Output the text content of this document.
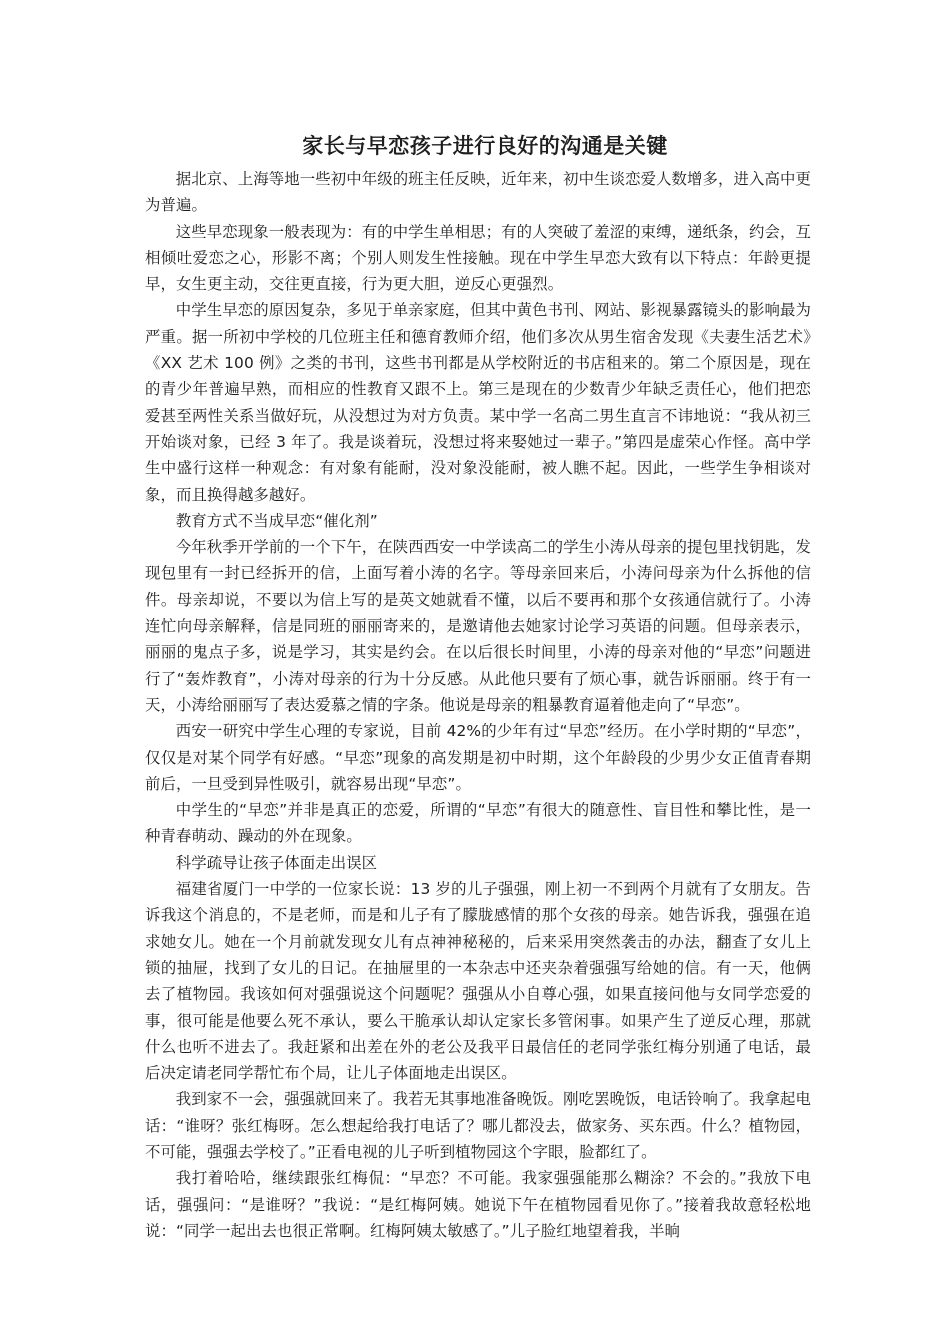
家长与早恋孩子进行良好的沟通是关键

据北京、上海等地一些初中年级的班主任反映，近年来，初中生谈恋爱人数增多，进入高中更为普遍。

这些早恋现象一般表现为：有的中学生单相思；有的人突破了羞涩的束缚，递纸条，约会，互相倾吐爱恋之心，形影不离；个别人则发生性接触。现在中学生早恋大致有以下特点：年龄更提早，女生更主动，交往更直接，行为更大胆，逆反心更强烈。

中学生早恋的原因复杂，多见于单亲家庭，但其中黄色书刊、网站、影视暴露镜头的影响最为严重。据一所初中学校的几位班主任和德育教师介绍，他们多次从男生宿舍发现《夫妻生活艺术》《XX 艺术 100 例》之类的书刊，这些书刊都是从学校附近的书店租来的。第二个原因是，现在的青少年普遍早熟，而相应的性教育又跟不上。第三是现在的少数青少年缺乏责任心，他们把恋爱甚至两性关系当做好玩，从没想过为对方负责。某中学一名高二男生直言不讳地说：“我从初三开始谈对象，已经 3 年了。我是谈着玩，没想过将来娶她过一辈子。”第四是虚荣心作怪。高中学生中盛行这样一种观念：有对象有能耐，没对象没能耐，被人瞧不起。因此，一些学生争相谈对象，而且换得越多越好。

教育方式不当成早恋“催化剂”

今年秋季开学前的一个下午，在陕西西安一中学读高二的学生小涛从母亲的提包里找钥匙，发现包里有一封已经拆开的信，上面写着小涛的名字。等母亲回来后，小涛问母亲为什么拆他的信件。母亲却说，不要以为信上写的是英文她就看不懂，以后不要再和那个女孩通信就行了。小涛连忙向母亲解释，信是同班的丽丽寄来的，是邀请他去她家讨论学习英语的问题。但母亲表示，丽丽的鬼点子多，说是学习，其实是约会。在以后很长时间里，小涛的母亲对他的“早恋”问题进行了“轰炸教育”，小涛对母亲的行为十分反感。从此他只要有了烦心事，就告诉丽丽。终于有一天，小涛给丽丽写了表达爱慕之情的字条。他说是母亲的粗暴教育逼着他走向了“早恋”。

西安一研究中学生心理的专家说，目前 42%的少年有过“早恋”经历。在小学时期的“早恋”，仅仅是对某个同学有好感。“早恋”现象的高发期是初中时期，这个年龄段的少男少女正值青春期前后，一旦受到异性吸引，就容易出现“早恋”。

中学生的“早恋”并非是真正的恋爱，所谓的“早恋”有很大的随意性、盲目性和攀比性，是一种青春萌动、躁动的外在现象。

科学疏导让孩子体面走出误区

福建省厦门一中学的一位家长说：13 岁的儿子强强，刚上初一不到两个月就有了女朋友。告诉我这个消息的，不是老师，而是和儿子有了朦胧感情的那个女孩的母亲。她告诉我，强强在追求她女儿。她在一个月前就发现女儿有点神神秘秘的，后来采用突然袭击的办法，翻查了女儿上锁的抽屉，找到了女儿的日记。在抽屉里的一本杂志中还夹杂着强强写给她的信。有一天，他俩去了植物园。我该如何对强强说这个问题呢？强强从小自尊心强，如果直接问他与女同学恋爱的事，很可能是他要么死不承认，要么干脆承认却认定家长多管闲事。如果产生了逆反心理，那就什么也听不进去了。我赶紧和出差在外的老公及我平日最信任的老同学张红梅分别通了电话，最后决定请老同学帮忙布个局，让儿子体面地走出误区。

我到家不一会，强强就回来了。我若无其事地准备晚饭。刚吃罢晚饭，电话铃响了。我拿起电话：“谁呀？张红梅呀。怎么想起给我打电话了？哪儿都没去，做家务、买东西。什么？植物园，不可能，强强去学校了。”正看电视的儿子听到植物园这个字眼，脸都红了。

我打着哈哈，继续跟张红梅侃：“早恋？不可能。我家强强能那么糊涂？不会的。”我放下电话，强强问：“是谁呀？”我说：“是红梅阿姨。她说下午在植物园看见你了。”接着我故意轻松地说：“同学一起出去也很正常啊。红梅阿姨太敏感了。”儿子脸红地望着我，半晌
